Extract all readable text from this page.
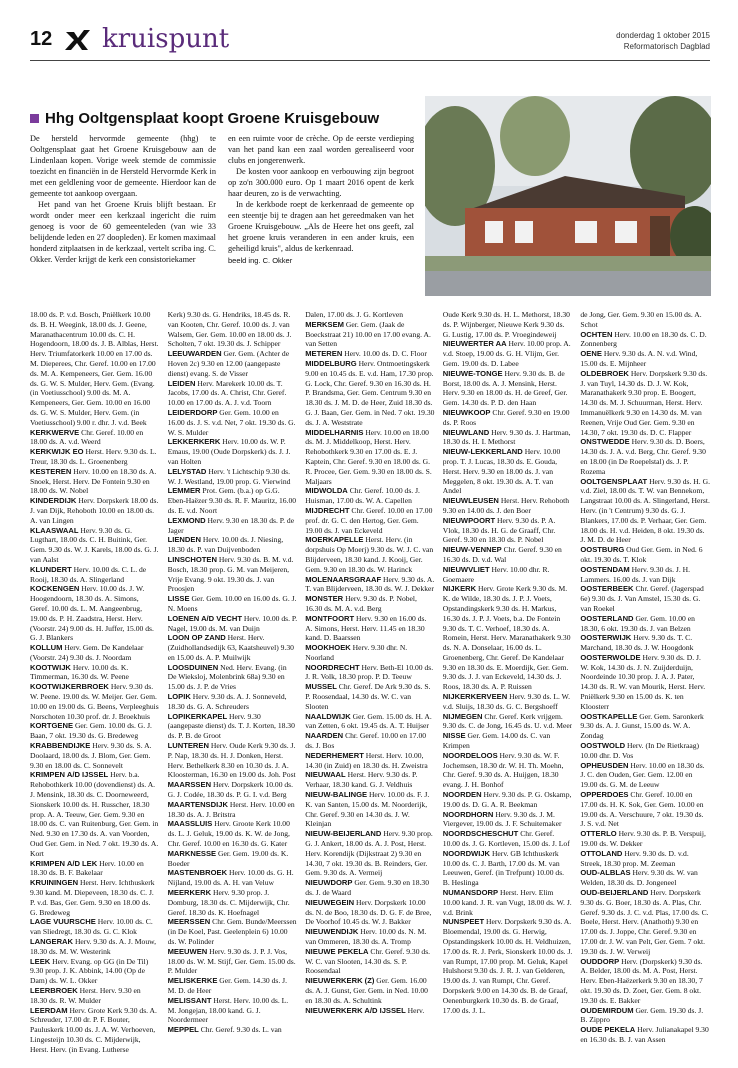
12 kruispunt	donderdag 1 oktober 2015
Reformatorisch Dagblad
Hhg Ooltgensplaat koopt Groene Kruisgebouw

De hersteld hervormde gemeente (hhg) te Ooltgensplaat gaat het Groene Kruisgebouw aan de Lindenlaan kopen. Vorige week stemde de commissie toezicht en financiën in de Hersteld Hervormde Kerk in met een geldlening voor de gemeente. Hierdoor kan de gemeente tot aankoop overgaan.

Het pand van het Groene Kruis blijft bestaan. Er wordt onder meer een kerkzaal ingericht die ruim genoeg is voor de 60 gemeenteleden (van wie 33 belijdende leden en 27 doopleden). Er komen maximaal honderd zitplaatsen in de kerkzaal, vertelt scriba ing. C. Okker. Verder krijgt de kerk een consistoriekamer

en een ruimte voor de crèche. Op de eerste verdieping van het pand kan een zaal worden gerealiseerd voor clubs en jongerenwerk.

De kosten voor aankoop en verbouwing zijn begroot op zo'n 300.000 euro. Op 1 maart 2016 opent de kerk haar deuren, zo is de verwachting.

In de kerkbode roept de kerkenraad de gemeente op een steentje bij te dragen aan het gereedmaken van het Groene Kruisgebouw. „Als de Heere het ons geeft, zal het groene kruis veranderen in een ander kruis, een geheiligd kruis", aldus de kerkenraad.

beeld ing. C. Okker

18.00 ds. P. v.d. Bosch, Pniëlkerk 10.00 ds. B. H. Weegink, 18.00 ds. J. Geene, Maranathacentrum 10.00 ds. C. H. Hogendoorn, 18.00 ds. J. B. Alblas, Herst. Herv. Triumfatorkerk 10.00 en 17.00 ds. M. Dieperees, Chr. Geref. 10.00 en 17.00 ds. M. A. Kempeneers, Ger. Gem. 16.00 ds. G. W. S. Mulder, Herv. Gem. (Evang. (in Voetiusschool) 9.00 ds. M. A. Kempeneers, Ger. Gem. 10.00 en 16.00 ds. G. W. S. Mulder, Herv. Gem. (in Voetiusschool) 9.00 r. dhr. J. v.d. Beek

KERKWERVE Chr. Geref. 10.00 en 18.00 ds. A. v.d. Weerd

KERKWIJK EO Herst. Herv. 9.30 ds. L. Treur, 18.30 ds. L. Groenenberg

KESTEREN Herv. 10.00 en 18.30 ds. A. Snoek, Herst. Herv. De Fontein 9.30 en 18.00 ds. W. Nobel

KINDERDIJK Herv. Dorpskerk 18.00 ds. J. van Dijk, Rehoboth 10.00 en 18.00 ds. A. van Lingen

KLAASWAAL Herv. 9.30 ds. G. Lugthart, 18.00 ds. C. H. Buitink, Ger. Gem. 9.30 ds. W. J. Karels, 18.00 ds. G. J. van Aalst

KLUNDERT Herv. 10.00 ds. C. L. de Rooij, 18.30 ds. A. Slingerland

KOCKENGEN Herv. 10.00 ds. J. W. Hoogendoorn, 18.30 ds. A. Simons, Geref. 10.00 ds. L. M. Aangeenbrug, 19.00 ds. P. H. Zaadstra, Herst. Herv. (Voorstr. 24) 9.00 ds. H. Juffer, 15.00 ds. G. J. Blankers

KOLLUM Herv. Gem. De Kandelaar (Voorstr. 24) 9.30 ds. J. Noordam

KOOTWIJK Herv. 10.00 ds. K. Timmerman, 16.30 ds. W. Peene

KOOTWIJKERBROEK Herv. 9.30 ds. W. Peene. 19.00 ds. W. Meijer. Ger. Gem. 10.00 en 19.00 ds. G. Beens, Verpleeghuis Norschoten 10.30 prof. dr. J. Broekhuis

KORTGENE Ger. Gem. 10.00 ds. G. J. Baan, 7 okt. 19.30 ds. G. Bredeweg

KRABBENDIJKE Herv. 9.30 ds. S. A. Doolaard, 18.00 ds. J. Blom, Ger. Gem. 9.30 en 18.00 ds. C. Sonnevelt

KRIMPEN A/D IJSSEL Herv. b.a. Rehobothkerk 10.00 (dovendienst) ds. A. J. Mensink, 18.30 ds. C. Doorneweerd, Sionskerk 10.00 ds. H. Russcher, 18.30 prop. A. A. Teeuw, Ger. Gem. 9.30 en 18.00 ds. C. van Ruitenburg, Ger. Gem. in Ned. 9.30 en 17.30 ds. A. van Voorden, Oud Ger. Gem. in Ned. 7 okt. 19.30 ds. A. Kort

KRIMPEN A/D LEK Herv. 10.00 en 18.30 ds. B. F. Bakelaar

KRUININGEN Herst. Herv. Ichthuskerk 9.30 kand. M. Diepeveen, 18.30 ds. C. J. P. v.d. Bas, Ger. Gem. 9.30 en 18.00 ds. G. Bredeweg

LAGE VUURSCHE Herv. 10.00 ds. C. van Sliedregt, 18.30 ds. G. C. Klok

LANGERAK Herv. 9.30 ds. A. J. Mouw, 18.30 ds. M. W. Westerink

LEEK Herv. Evang. op GG (in De Til) 9.30 prop. J. K. Abbink, 14.00 (Op de Dam) ds. W. L. Okker

LEERBROEK Herst. Herv. 9.30 en 18.30 ds. R. W. Mulder

LEERDAM Herv. Grote Kerk 9.30 ds. A. Schreuder, 17.00 dr. P. F. Bouter, Pauluskerk 10.00 ds. J. A. W. Verhoeven, Lingesteijn 10.30 ds. C. Mijderwijk, Herst. Herv. (in Evang. Lutherse

Kerk) 9.30 ds. G. Hendriks, 18.45 ds. R. van Kooten, Chr. Geref. 10.00 ds. J. van Walsem, Ger. Gem. 10.00 en 18.00 ds. J. Scholten, 7 okt. 19.30 ds. J. Schipper

LEEUWARDEN Ger. Gem. (Achter de Hoven 2c) 9.30 en 12.00 (aangepaste dienst) evang. S. de Visser

LEIDEN Herv. Marekerk 10.00 ds. T. Jacobs, 17.00 ds. A. Christ, Chr. Geref. 10.00 en 17.00 ds. A. J. v.d. Toorn

LEIDERDORP Ger. Gem. 10.00 en 16.00 ds. J. S. v.d. Net, 7 okt. 19.30 ds. G. W. S. Mulder

LEKKERKERK Herv. 10.00 ds. W. P. Emaus, 19.00 (Oude Dorpskerk) ds. J. J. van Holten

LELYSTAD Herv. 't Lichtschip 9.30 ds. W. J. Westland, 19.00 prop. G. Vierwind

LEMMER Prot. Gem. (b.a.) op G.G. Eben-Haëzer 9.30 ds. R. F. Mauritz, 16.00 ds. E. v.d. Noort

LEXMOND Herv. 9.30 en 18.30 ds. P. de Jager

LIENDEN Herv. 10.00 ds. J. Niesing, 18.30 ds. P. van Duijvenboden

LINSCHOTEN Herv. 9.30 ds. B. M. v.d. Bosch, 18.30 prop. G. M. van Meijeren, Vrije Evang. 9 okt. 19.30 ds. J. van Proosjen

LISSE Ger. Gem. 10.00 en 16.00 ds. G. J. N. Moens

LOENEN A/D VECHT Herv. 10.00 ds. P. Nagel, 19.00 ds. M. van Duijn

LOON OP ZAND Herst. Herv. (Zuidhollandsedijk 63, Kaatsheuvel) 9.30 en 15.00 ds. A. P. Muilwijk

LOOSDUINEN Ned. Herv. Evang. (in De Wieksloj, Molenbrink 68a) 9.30 en 15.00 ds. J. P. de Vries

LOPIK Herv. 9.30 ds. A. J. Sonneveld, 18.30 ds. G. A. Schreuders

LOPIKERKAPEL Herv. 9.30 (aangepaste dienst) ds. T. J. Korten, 18.30 ds. P. B. de Groot

LUNTEREN Herv. Oude Kerk 9.30 ds. J. P. Nap, 18.30 ds. H. J. Donken, Herst. Herv. Bethelkerk 8.30 en 10.30 ds. J. A. Kloosterman, 16.30 en 19.00 ds. Joh. Post

MAARSSEN Herv. Dorpskerk 10.00 ds. G. J. Codée, 18.30 ds. P. G. I. v.d. Berg

MAARTENSDIJK Herst. Herv. 10.00 en 18.30 ds. A. J. Britstra

MAASSLUIS Herv. Groote Kerk 10.00 ds. L. J. Geluk, 19.00 ds. K. W. de Jong, Chr. Geref. 10.00 en 16.30 ds. G. Kater

MARKNESSE Ger. Gem. 19.00 ds. K. Boeder

MASTENBROEK Herv. 10.00 ds. G. H. Nijland, 19.00 ds. A. H. van Veluw

MEERKERK Herv. 9.30 prop. J. Domburg, 18.30 ds. C. Mijderwijk, Chr. Geref. 18.30 ds. K. Hoefnagel

MEERSSEN Chr. Gem. Bunde/Meerssen (in De Koel, Past. Geelenplein 6) 10.00 ds. W. Polinder

MEEUWEN Herv. 9.30 ds. J. P. J. Vos, 18.00 ds. W. M. Stijf, Ger. Gem. 15.00 ds. P. Mulder

MELISKERKE Ger. Gem. 14.30 ds. J. M. D. de Heer

MELISSANT Herst. Herv. 10.00 ds. L. M. Jongejan, 18.00 kand. G. J. Noordermeer

MEPPEL Chr. Geref. 9.30 ds. L. van

Dalen, 17.00 ds. J. G. Kortleven

MERKSEM Ger. Gem. (Jaak de Boeckstraat 21) 10.00 en 17.00 evang. A. van Setten

METEREN Herv. 10.00 ds. D. C. Floor

MIDDELBURG Herv. Ontmoetingskerk 9.00 en 10.45 ds. E. v.d. Ham, 17.30 prop. G. Lock, Chr. Geref. 9.30 en 16.30 ds. H. P. Brandsma, Ger. Gem. Centrum 9.30 en 18.30 ds. J. M. D. de Heer, Zuid 18.30 ds. G. J. Baan, Ger. Gem. in Ned. 7 okt. 19.30 ds. J. A. Weststrate

MIDDELHARNIS Herv. 10.00 en 18.00 ds. M. J. Middelkoop, Herst. Herv. Rehobothkerk 9.30 en 17.00 ds. E. J. Kaptein, Chr. Geref. 9.30 en 18.00 ds. G. R. Procee, Ger. Gem. 9.30 en 18.00 ds. S. Maljaars

MIDWOLDA Chr. Geref. 10.00 ds. J. Huisman, 17.00 ds. W. A. Capellen

MIJDRECHT Chr. Geref. 10.00 en 17.00 prof. dr. G. C. den Hertog, Ger. Gem. 19.00 ds. J. van Eckeveld

MOERKAPELLE Herst. Herv. (in dorpshuis Op Moerj) 9.30 ds. W. J. C. van Blijderveen, 18.30 kand. J. Kooij, Ger. Gem. 9.30 en 18.30 ds. W. Harinck

MOLENAARSGRAAF Herv. 9.30 ds. A. T. van Blijderveen, 18.30 ds. W. J. Dekker

MONSTER Herv. 9.30 ds. P. Nobel, 16.30 ds. M. A. v.d. Berg

MONTFOORT Herv. 9.30 en 16.00 ds. A. Simons, Herst. Herv. 11.45 en 18.30 kand. D. Baarssen

MOOKHOEK Herv. 9.30 dhr. N. Noorland

NOORDRECHT Herv. Beth-El 10.00 ds. J. R. Volk, 18.30 prop. P. D. Teeuw

MUSSEL Chr. Geref. De Ark 9.30 ds. S. P. Roosendaal, 14.30 ds. W. C. van Slooten

NAALDWIJK Ger. Gem. 15.00 ds. H. A. van Zetten, 6 okt. 19.45 ds. A. T. Huijser

NAARDEN Chr. Geref. 10.00 en 17.00 ds. J. Bos

NEDERHEMERT Herst. Herv. 10.00, 14.30 (in Zuid) en 18.30 ds. H. Zweistra

NIEUWAAL Herst. Herv. 9.30 ds. P. Verhaar, 18.30 kand. G. J. Veldhuis

NIEUW-BALINGE Herv. 10.00 ds. F. J. K. van Santen, 15.00 ds. M. Noorderijk, Chr. Geref. 9.30 en 14.30 ds. J. W. Kleinjan

NIEUW-BEIJERLAND Herv. 9.30 prop. G. J. Ankert, 18.00 ds. A. J. Post, Herst. Herv. Korendijk (Dijkstraat 2) 9.30 en 14.30, 7 okt. 19.30 ds. B. Reinders, Ger. Gem. 9.30 ds. A. Vermeij

NIEUWDORP Ger. Gem. 9.30 en 18.30 ds. J. de Waard

NIEUWEGEIN Herv. Dorpskerk 10.00 ds. N. de Boo, 18.30 ds. D. G. F. de Bree, De Voorhof 10.45 ds. W. J. Bakker

NIEUWENDIJK Herv. 10.00 ds. N. M. van Ommeren, 18.30 ds. A. Tromp

NIEUWE PEKELA Chr. Geref. 9.30 ds. W. C. van Slooten, 14.30 ds. S. P. Roosendaal

NIEUWERKERK (Z) Ger. Gem. 16.00 ds. A. J. Gunst, Ger. Gem. in Ned. 10.00 en 18.30 ds. A. Schultink

NIEUWERKERK A/D IJSSEL Herv.

Oude Kerk 9.30 ds. H. L. Methorst, 18.30 ds. P. Wijnberger, Nieuwe Kerk 9.30 ds. G. Lustig, 17.00 ds. P. Vroegindeweij

NIEUWERTER AA Herv. 10.00 prop. A. v.d. Stoep, 19.00 ds. G. H. Vlijm, Ger. Gem. 19.00 ds. D. Labee

NIEUWE-TONGE Herv. 9.30 ds. B. de Borst, 18.00 ds. A. J. Mensink, Herst. Herv. 9.30 en 18.00 ds. H. de Greef, Ger. Gem. 14.30 ds. P. D. den Haan

NIEUWKOOP Chr. Geref. 9.30 en 19.00 ds. P. Roos

NIEUWLAND Herv. 9.30 ds. J. Hartman, 18.30 ds. H. I. Methorst

NIEUW-LEKKERLAND Herv. 10.00 prop. T. J. Lucas, 18.30 ds. E. Gouda, Herst. Herv. 9.30 en 18.00 ds. J. van Meggelen, 8 okt. 19.30 ds. A. T. van Andel

NIEUWLEUSEN Herst. Herv. Rehoboth 9.30 en 14.00 ds. J. den Boer

NIEUWPOORT Herv. 9.30 ds. P. A. Vlok, 18.30 ds. H. G. de Graaff, Chr. Geref. 9.30 en 18.30 ds. P. Nobel

NIEUW-VENNEP Chr. Geref. 9.30 en 16.30 ds. D. v.d. Wal

NIEUWVLIET Herv. 10.00 dhr. R. Goemaere

NIJKERK Herv. Grote Kerk 9.30 ds. M. K. de Wilde, 18.30 ds. J. P. J. Voets, Opstandingskerk 9.30 ds. H. Markus, 16.30 ds. J. P. J. Voets, b.a. De Fontein 9.30 ds. T. C. Verhoef, 18.30 ds. A. Romein, Herst. Herv. Maranathakerk 9.30 ds. N. A. Donselaar, 16.00 ds. L. Groenenberg, Chr. Geref. De Kandelaar 9.30 en 18.30 ds. E. Moerdijk, Ger. Gem. 9.30 ds. J. J. van Eckeveld, 14.30 ds. J. Roos, 18.30 ds. A. P. Ruissen

NIJKERKERVEEN Herv. 9.30 ds. L. W. v.d. Sluijs, 18.30 ds. G. C. Bergshoeff

NIJMEGEN Chr. Geref. Kerk vrijgem. 9.30 ds. C. de Jong, 16.45 ds. U. v.d. Meer

NISSE Ger. Gem. 14.00 ds. C. van Krimpen

NOORDELOOS Herv. 9.30 ds. W. F. Jochemsen, 18.30 dr. W. H. Th. Moehn, Chr. Geref. 9.30 ds. A. Huijgen, 18.30 evang. J. H. Bonhof

NOORDEN Herv. 9.30 ds. P. G. Oskamp, 19.00 ds. D. G. A. R. Beekman

NOORDHORN Herv. 9.30 ds. J. M. Viergever, 19.00 ds. J. F. Schuitemaker

NOORDSCHESCHUT Chr. Geref. 10.00 ds. J. G. Kortleven, 15.00 ds. J. Lof

NOORDWIJK Herv. GB Ichthuskerk 10.00 ds. C. J. Barth, 17.00 ds. M. van Leeuwen, Geref. (in Trefpunt) 10.00 ds. B. Heslinga

NUMANSDORP Herst. Herv. Elim 10.00 kand. J. R. van Vugt, 18.00 ds. W. J. v.d. Brink

NUNSPEET Herv. Dorpskerk 9.30 ds. A. Bloemendal, 19.00 ds. G. Herwig, Opstandingskerk 10.00 ds. H. Veldhuizen, 17.00 ds. R. J. Perk, Sionskerk 10.00 ds. J. van Rumpt, 17.00 prop. M. Geluk, Kapel Hulshorst 9.30 ds. J. R. J. van Gelderen, 19.00 ds. J. van Rumpt, Chr. Geref. Dorpskerk 9.00 en 14.30 ds. B. de Graaf, Oenenburgkerk 10.30 ds. B. de Graaf, 17.00 ds. J. L.

de Jong, Ger. Gem. 9.30 en 15.00 ds. A. Schot

OCHTEN Herv. 10.00 en 18.30 ds. C. D. Zonnenberg

OENE Herv. 9.30 ds. A. N. v.d. Wind, 15.00 ds. E. Mijnheer

OLDEBROEK Herv. Dorpskerk 9.30 ds. J. van Tuyl, 14.30 ds. D. J. W. Kok, Maranathakerk 9.30 prop. E. Boogert, 14.30 ds. M. J. Schuurman, Herst. Herv. Immanuëlkerk 9.30 en 14.30 ds. M. van Reenen, Vrije Oud Ger. Gem. 9.30 en 14.30, 7 okt. 19.30 ds. D. C. Flapper

ONSTWEDDE Herv. 9.30 ds. D. Boers, 14.30 ds. J. A. v.d. Berg, Chr. Geref. 9.30 en 18.00 (in De Roepelstal) ds. J. P. Rozema

OOLTGENSPLAAT Herv. 9.30 ds. H. G. v.d. Ziel, 18.00 ds. T. W. van Bennekom, Langstraat 10.00 ds. A. Slingerland, Herst. Herv. (in 't Centrum) 9.30 ds. G. J. Blankers, 17.00 ds. P. Verhaar, Ger. Gem. 18.00 ds. H. v.d. Heiden, 8 okt. 19.30 ds. J. M. D. de Heer

OOSTBURG Oud Ger. Gem. in Ned. 6 okt. 19.30 ds. T. Klok

OOSTENDAM Herv. 9.30 ds. J. H. Lammers. 16.00 ds. J. van Dijk

OOSTERBEEK Chr. Geref. (Jagerspad 6e) 9.30 ds. J. Van Amstel, 15.30 ds. G. van Roekel

OOSTERLAND Ger. Gem. 10.00 en 18.30, 6 okt. 19.30 ds. J. van Belzen

OOSTERWIJK Herv. 9.30 ds. T. C. Marchand, 18.30 ds. J. W. Hoogdonk

OOSTERWOLDE Herv. 9.30 ds. D. J. W. Kok, 14.30 ds. J. N. Zuijderduijn, Noordeinde 10.30 prop. J. A. J. Pater, 14.30 ds. R. W. van Mourik, Herst. Herv. Pniëlkerk 9.30 en 15.00 ds. K. ten Kloosterr

OOSTKAPELLE Ger. Gem. Saronkerk 9.30 ds. A. J. Gunst, 15.00 ds. W. A. Zondag

OOSTWOLD Herv. (In De Rietkraag) 10.00 dhr. D. Vos

OPHEUSDEN Herv. 10.00 en 18.30 ds. J. C. den Ouden, Ger. Gem. 12.00 en 19.00 ds. G. M. de Leeuw

OPPERDOES Chr. Geref. 10.00 en 17.00 ds. H. K. Sok, Ger. Gem. 10.00 en 19.00 ds. A. Verschuure, 7 okt. 19.30 ds. J. S. v.d. Net

OTTERLO Herv. 9.30 ds. P. B. Verspuij, 19.00 ds. W. Dekker

OTTOLAND Herv. 9.30 ds. D. v.d. Streek, 18.30 prop. M. Zeeman

OUD-ALBLAS Herv. 9.30 ds. W. van Welden, 18.30 ds. D. Jongeneel

OUD-BEIJERLAND Herv. Dorpskerk 9.30 ds. G. Boer, 18.30 ds. A. Plas, Chr. Geref. 9.30 ds. J. C. v.d. Plas, 17.00 ds. C. Boele, Herst. Herv. (Anathoth) 9.30 en 17.00 ds. J. Joppe, Chr. Geref. 9.30 en 17.00 dr. J. W. van Pelt, Ger. Gem. 7 okt. 19.30 ds. J. W. Verweij

OUDDORP Herv. (Dorpskerk) 9.30 ds. A. Belder, 18.00 ds. M. A. Post, Herst. Herv. Eben-Haëzerkerk 9.30 en 18.30, 7 okt. 19.30 ds. D. Zoet, Ger. Gem. 8 okt. 19.30 ds. E. Bakker

OUDEMIRDUM Ger. Gem. 19.30 ds. J. B. Zippro

OUDE PEKELA Herv. Julianakapel 9.30 en 16.30 ds. B. J. van Assen
